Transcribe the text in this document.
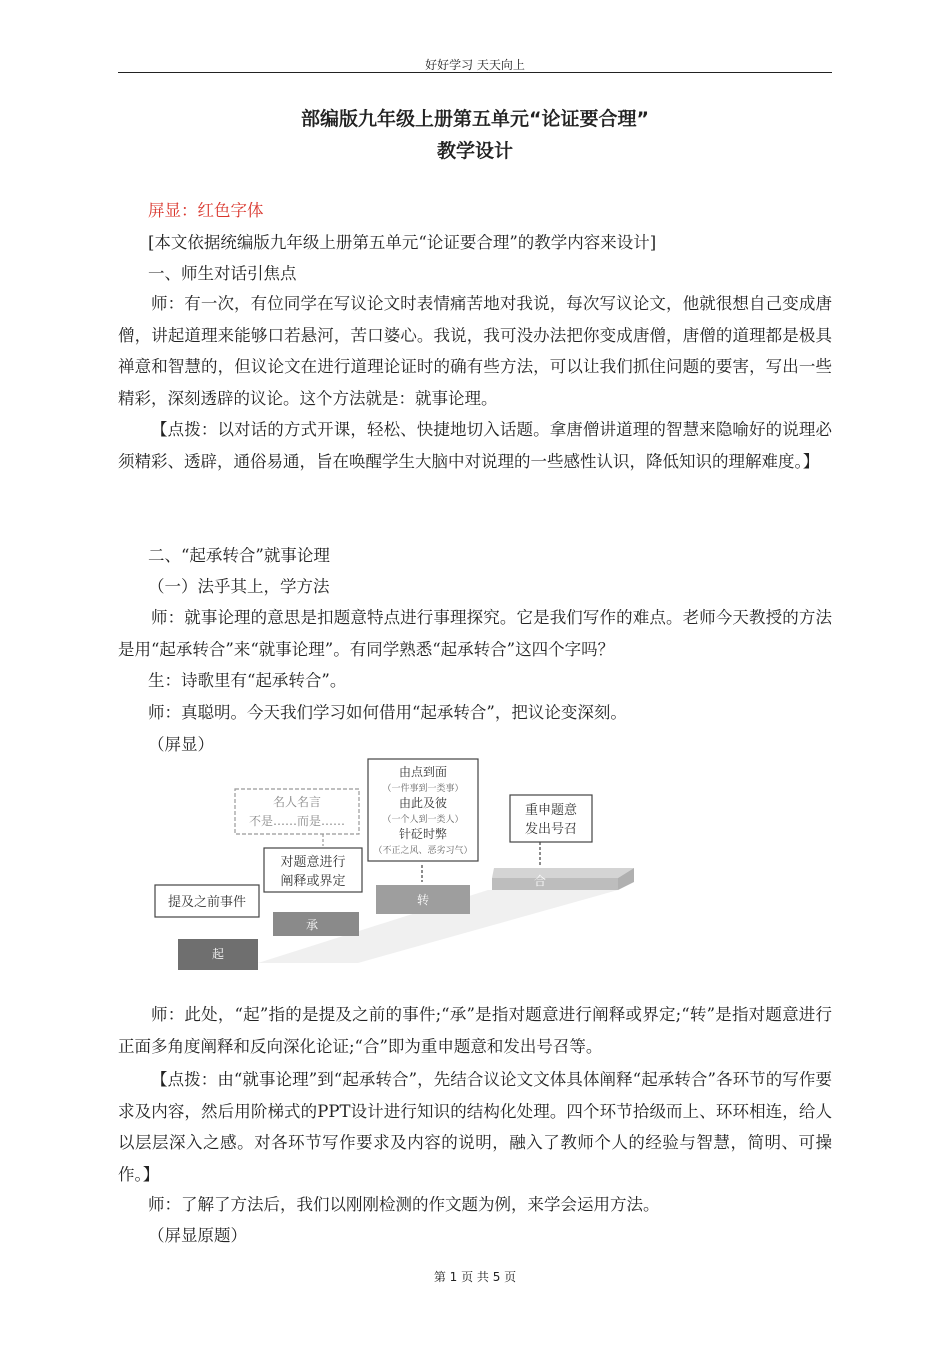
好好学习 天天向上
部编版九年级上册第五单元“论证要合理”
教学设计
屏显：红色字体
[本文依据统编版九年级上册第五单元“论证要合理”的教学内容来设计]
一、师生对话引焦点
师：有一次，有位同学在写议论文时表情痛苦地对我说，每次写议论文，他就很想自己变成唐僧，讲起道理来能够口若悬河，苦口婆心。我说，我可没办法把你变成唐僧，唐僧的道理都是极具禅意和智慧的，但议论文在进行道理论证时的确有些方法，可以让我们抓住问题的要害，写出一些精彩，深刻透辟的议论。这个方法就是：就事论理。
【点拨：以对话的方式开课，轻松、快捷地切入话题。拿唐僧讲道理的智慧来隐喻好的说理必须精彩、透辟，通俗易通，旨在唤醒学生大脑中对说理的一些感性认识，降低知识的理解难度。】
二、“起承转合”就事论理
（一）法乎其上，学方法
师：就事论理的意思是扣题意特点进行事理探究。它是我们写作的难点。老师今天教授的方法是用“起承转合”来“就事论理”。有同学熟悉“起承转合”这四个字吗？
生：诗歌里有“起承转合”。
师：真聪明。今天我们学习如何借用“起承转合”，把议论变深刻。
（屏显）
起
承
转
合
提及之前事件
名人名言
不是……而是……
对题意进行
阐释或界定
由点到面
（一件事到一类事）
由此及彼
（一个人到一类人）
针砭时弊
（不正之风、恶劣习气）
重申题意
发出号召
师：此处，“起”指的是提及之前的事件;“承”是指对题意进行阐释或界定;“转”是指对题意进行正面多角度阐释和反向深化论证;“合”即为重申题意和发出号召等。
【点拨：由“就事论理”到“起承转合”，先结合议论文文体具体阐释“起承转合”各环节的写作要求及内容，然后用阶梯式的PPT设计进行知识的结构化处理。四个环节拾级而上、环环相连，给人以层层深入之感。对各环节写作要求及内容的说明，融入了教师个人的经验与智慧，简明、可操作。】
师：了解了方法后，我们以刚刚检测的作文题为例，来学会运用方法。
（屏显原题）
第 1 页 共 5 页
